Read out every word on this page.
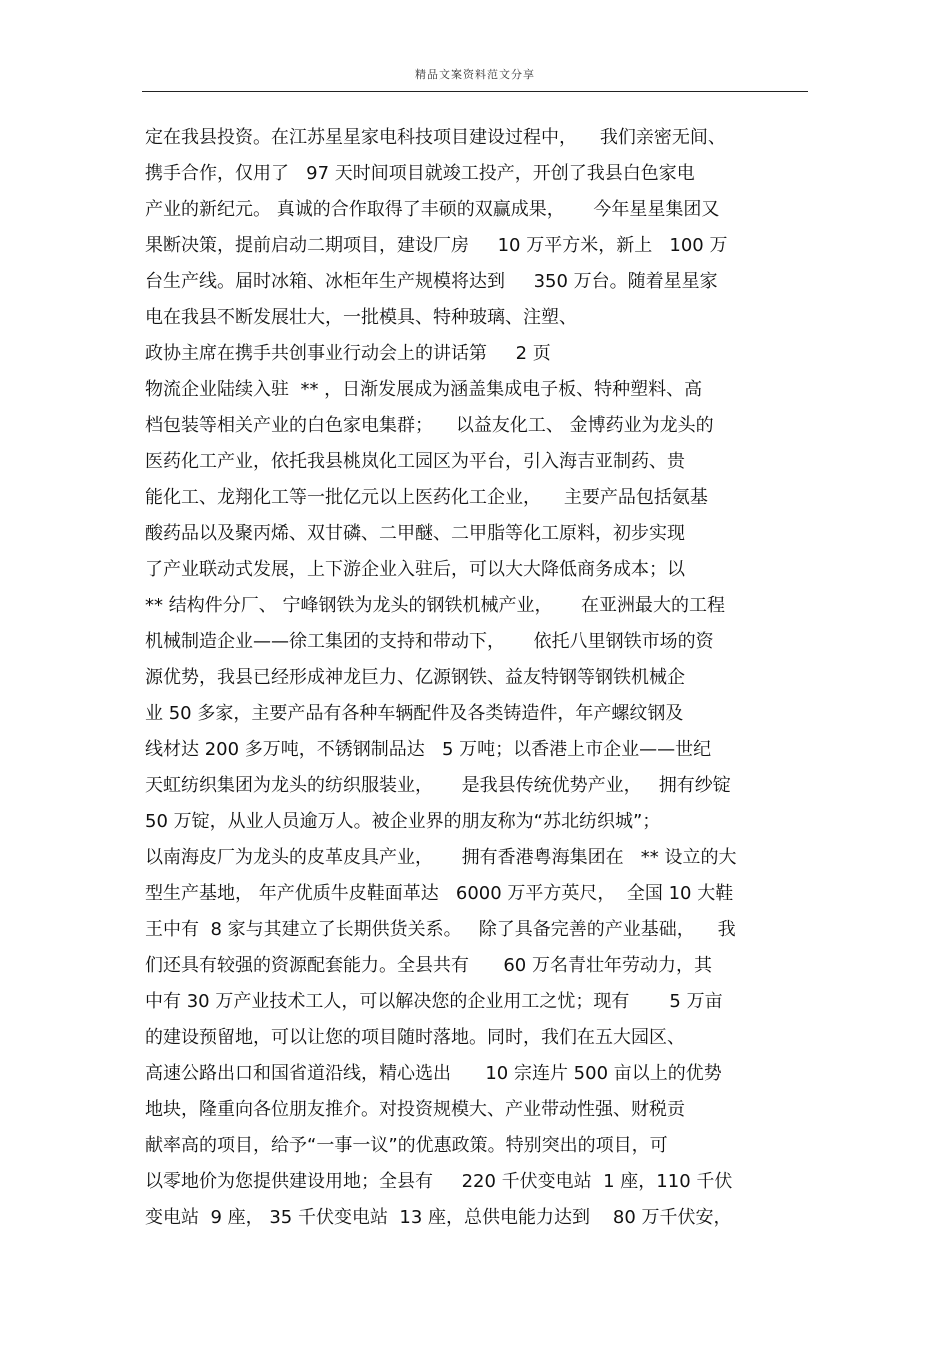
精品文案资料范文分享
定在我县投资。在江苏星星家电科技项目建设过程中，    我们亲密无间、
携手合作，仅用了   97 天时间项目就竣工投产，开创了我县白色家电
产业的新纪元。 真诚的合作取得了丰硕的双赢成果，     今年星星集团又
果断决策，提前启动二期项目，建设厂房     10 万平方米，新上   100 万
台生产线。届时冰箱、冰柜年生产规模将达到     350 万台。随着星星家
电在我县不断发展壮大，一批模具、特种玻璃、注塑、
政协主席在携手共创事业行动会上的讲话第     2 页
物流企业陆续入驻  ** ，日渐发展成为涵盖集成电子板、特种塑料、高
档包装等相关产业的白色家电集群；    以益友化工、 金博药业为龙头的
医药化工产业，依托我县桃岚化工园区为平台，引入海吉亚制药、贵
能化工、龙翔化工等一批亿元以上医药化工企业，    主要产品包括氨基
酸药品以及聚丙烯、双甘磷、二甲醚、二甲脂等化工原料，初步实现
了产业联动式发展，上下游企业入驻后，可以大大降低商务成本；以
** 结构件分厂、 宁峰钢铁为龙头的钢铁机械产业，     在亚洲最大的工程
机械制造企业——徐工集团的支持和带动下，     依托八里钢铁市场的资
源优势，我县已经形成神龙巨力、亿源钢铁、益友特钢等钢铁机械企
业 50 多家，主要产品有各种车辆配件及各类铸造件，年产螺纹钢及
线材达 200 多万吨，不锈钢制品达   5 万吨；以香港上市企业——世纪
天虹纺织集团为龙头的纺织服装业，     是我县传统优势产业，   拥有纱锭
50 万锭，从业人员逾万人。被企业界的朋友称为“苏北纺织城”；
以南海皮厂为龙头的皮革皮具产业，     拥有香港粤海集团在   ** 设立的大
型生产基地， 年产优质牛皮鞋面革达   6000 万平方英尺，  全国 10 大鞋
王中有  8 家与其建立了长期供货关系。   除了具备完善的产业基础，    我
们还具有较强的资源配套能力。全县共有      60 万名青壮年劳动力，其
中有 30 万产业技术工人，可以解决您的企业用工之忧；现有       5 万亩
的建设预留地，可以让您的项目随时落地。同时，我们在五大园区、
高速公路出口和国省道沿线，精心选出      10 宗连片 500 亩以上的优势
地块，隆重向各位朋友推介。对投资规模大、产业带动性强、财税贡
献率高的项目，给予“一事一议”的优惠政策。特别突出的项目，可
以零地价为您提供建设用地；全县有     220 千伏变电站  1 座，110 千伏
变电站  9 座， 35 千伏变电站  13 座，总供电能力达到    80 万千伏安，
